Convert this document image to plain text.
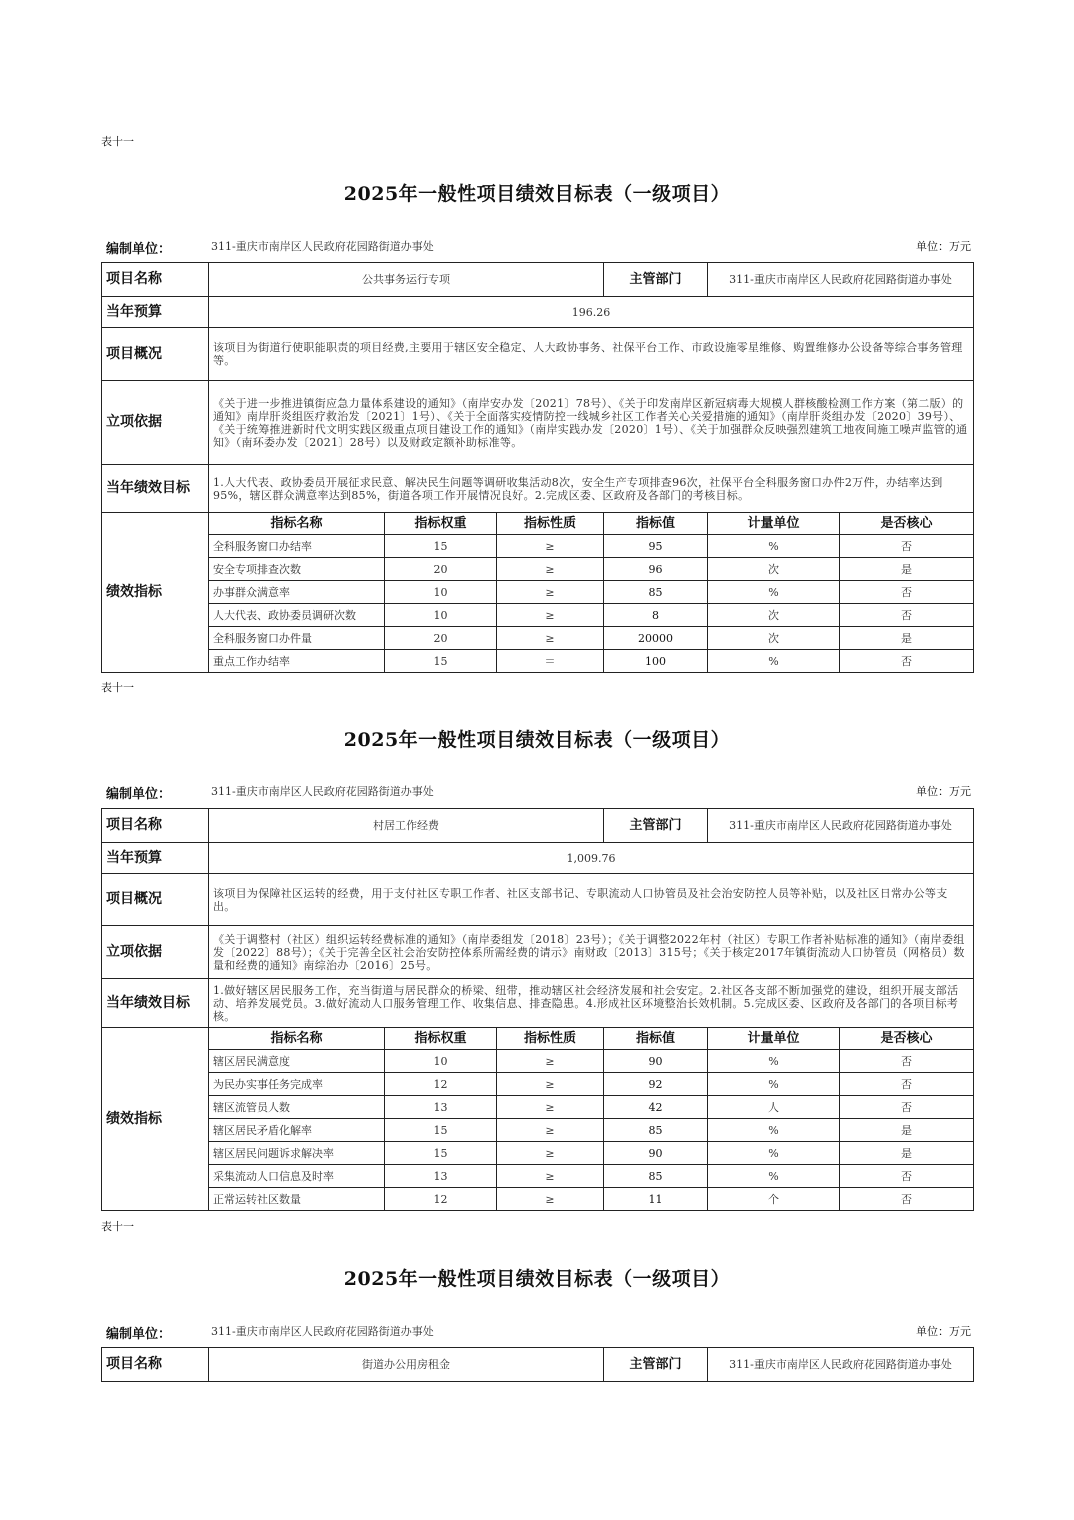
表十一
2025年一般性项目绩效目标表（一级项目）
编制单位：	311-重庆市南岸区人民政府花园路街道办事处	单位：万元
项目名称	公共事务运行专项			主管部门	311-重庆市南岸区人民政府花园路街道办事处	
当年预算	196.26					
项目概况	该项目为街道行使职能职责的项目经费,主要用于辖区安全稳定、人大政协事务、社保平台工作、市政设施零星维修、购置维修办公设备等综合事务管理等。					
立项依据	《关于进一步推进镇街应急力量体系建设的通知》（南岸安办发〔2021〕78号）、《关于印发南岸区新冠病毒大规模人群核酸检测工作方案（第二版）的通知》南岸肝炎组医疗救治发〔2021〕1号）、《关于全面落实疫情防控一线城乡社区工作者关心关爱措施的通知》（南岸肝炎组办发〔2020〕39号）、《关于统筹推进新时代文明实践区级重点项目建设工作的通知》（南岸实践办发〔2020〕1号）、《关于加强群众反映强烈建筑工地夜间施工噪声监管的通知》（南环委办发〔2021〕28号）以及财政定额补助标准等。					
当年绩效目标	1.人大代表、政协委员开展征求民意、解决民生问题等调研收集活动8次，安全生产专项排查96次，社保平台全科服务窗口办件2万件，办结率达到95%，辖区群众满意率达到85%，街道各项工作开展情况良好。2.完成区委、区政府及各部门的考核目标。					
绩效指标	指标名称	指标权重	指标性质	指标值	计量单位	是否核心
	全科服务窗口办结率	15	≥	95	%	否
	安全专项排查次数	20	≥	96	次	是
	办事群众满意率	10	≥	85	%	否
	人大代表、政协委员调研次数	10	≥	8	次	否
	全科服务窗口办件量	20	≥	20000	次	是
	重点工作办结率	15	＝	100	%	否
表十一
2025年一般性项目绩效目标表（一级项目）
编制单位：	311-重庆市南岸区人民政府花园路街道办事处	单位：万元
项目名称	村居工作经费			主管部门	311-重庆市南岸区人民政府花园路街道办事处	
当年预算	1,009.76					
项目概况	该项目为保障社区运转的经费，用于支付社区专职工作者、社区支部书记、专职流动人口协管员及社会治安防控人员等补贴，以及社区日常办公等支出。					
立项依据	《关于调整村（社区）组织运转经费标准的通知》（南岸委组发〔2018〕23号）；《关于调整2022年村（社区）专职工作者补贴标准的通知》（南岸委组发〔2022〕88号）；《关于完善全区社会治安防控体系所需经费的请示》南财政〔2013〕315号；《关于核定2017年镇街流动人口协管员（网格员）数量和经费的通知》南综治办〔2016〕25号。					
当年绩效目标	1.做好辖区居民服务工作，充当街道与居民群众的桥梁、纽带，推动辖区社会经济发展和社会安定。2.社区各支部不断加强党的建设，组织开展支部活动、培养发展党员。3.做好流动人口服务管理工作、收集信息、排查隐患。4.形成社区环境整治长效机制。5.完成区委、区政府及各部门的各项目标考核。					
绩效指标	指标名称	指标权重	指标性质	指标值	计量单位	是否核心
	辖区居民满意度	10	≥	90	%	否
	为民办实事任务完成率	12	≥	92	%	否
	辖区流管员人数	13	≥	42	人	否
	辖区居民矛盾化解率	15	≥	85	%	是
	辖区居民问题诉求解决率	15	≥	90	%	是
	采集流动人口信息及时率	13	≥	85	%	否
	正常运转社区数量	12	≥	11	个	否
表十一
2025年一般性项目绩效目标表（一级项目）
编制单位：	311-重庆市南岸区人民政府花园路街道办事处	单位：万元
项目名称	街道办公用房租金	主管部门	311-重庆市南岸区人民政府花园路街道办事处
